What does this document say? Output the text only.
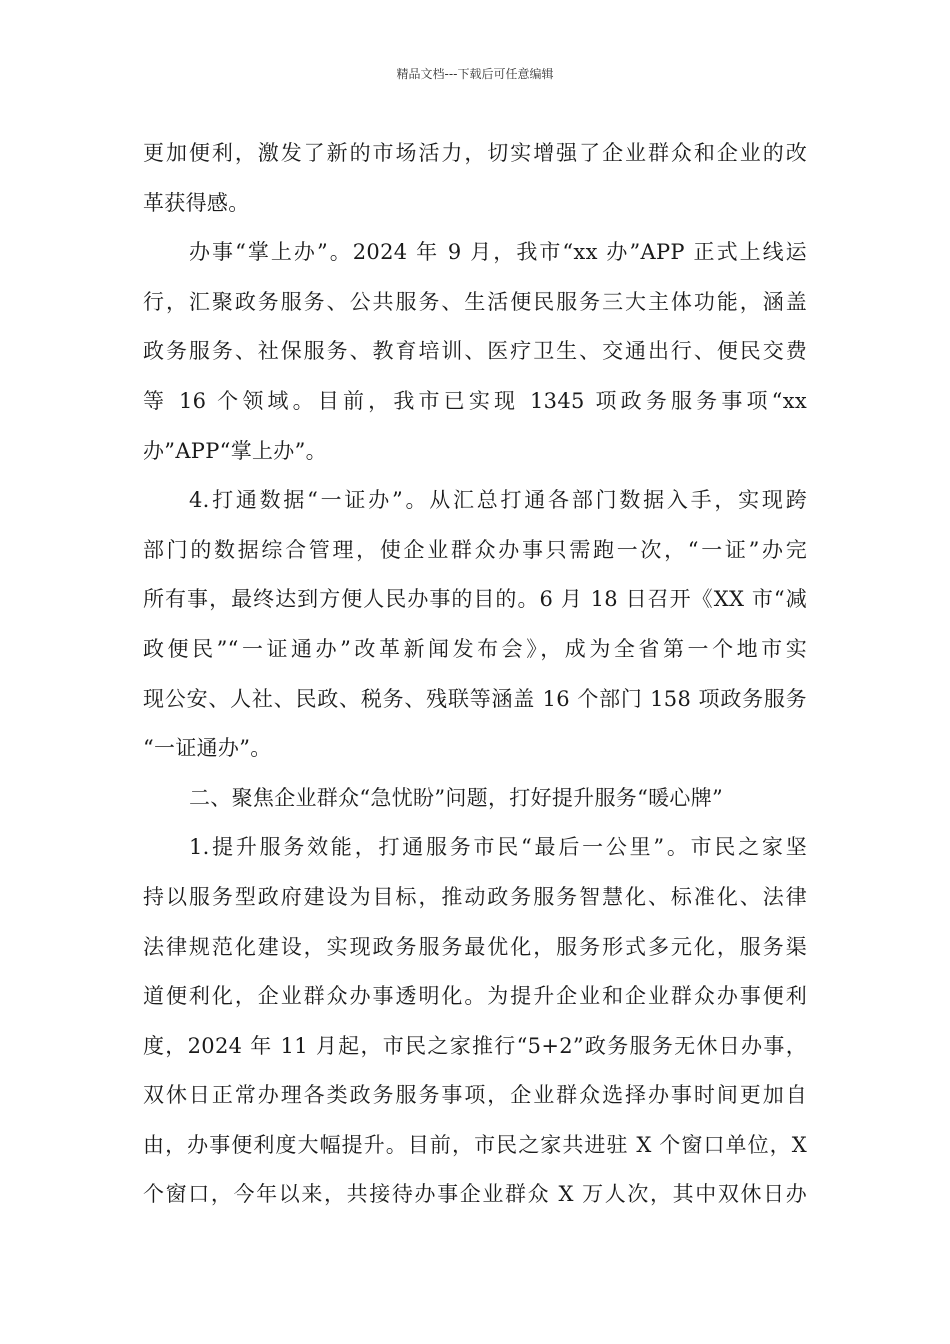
精品文档---下载后可任意编辑
更加便利，激发了新的市场活力，切实增强了企业群众和企业的改
革获得感。
办事“掌上办”。2024 年 9 月，我市“xx 办”APP 正式上线运
行，汇聚政务服务、公共服务、生活便民服务三大主体功能，涵盖
政务服务、社保服务、教育培训、医疗卫生、交通出行、便民交费
等 16 个领域。目前，我市已实现 1345 项政务服务事项“xx
办”APP“掌上办”。
4.打通数据“一证办”。从汇总打通各部门数据入手，实现跨
部门的数据综合管理，使企业群众办事只需跑一次，“一证”办完
所有事，最终达到方便人民办事的目的。6 月 18 日召开《XX 市“减
政便民”“一证通办”改革新闻发布会》，成为全省第一个地市实
现公安、人社、民政、税务、残联等涵盖 16 个部门 158 项政务服务
“一证通办”。
二、聚焦企业群众“急忧盼”问题，打好提升服务“暖心牌”
1.提升服务效能，打通服务市民“最后一公里”。市民之家坚
持以服务型政府建设为目标，推动政务服务智慧化、标准化、法律
法律规范化建设，实现政务服务最优化，服务形式多元化，服务渠
道便利化，企业群众办事透明化。为提升企业和企业群众办事便利
度，2024 年 11 月起，市民之家推行“5+2”政务服务无休日办事，
双休日正常办理各类政务服务事项，企业群众选择办事时间更加自
由，办事便利度大幅提升。目前，市民之家共进驻 X 个窗口单位，X
个窗口，今年以来，共接待办事企业群众 X 万人次，其中双休日办
